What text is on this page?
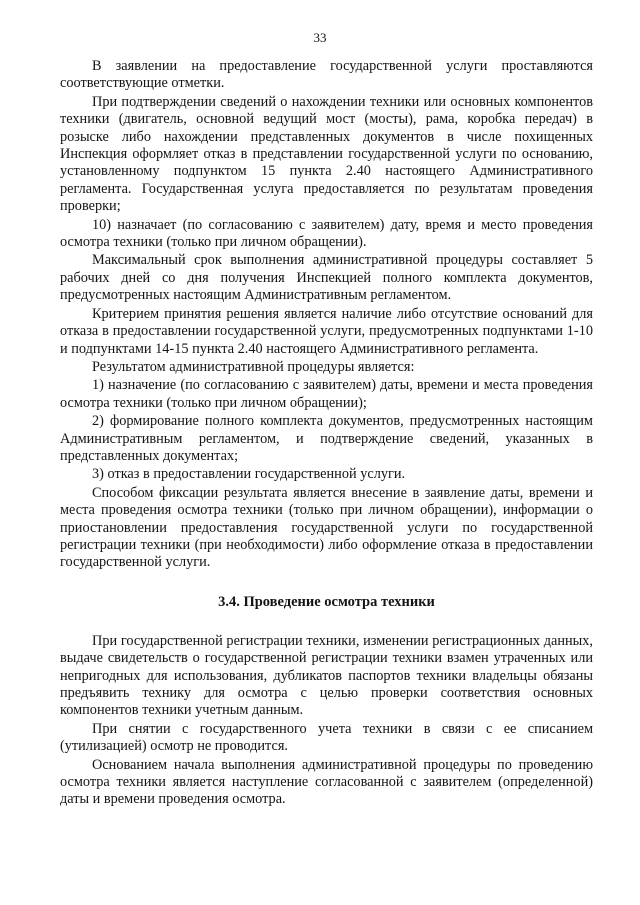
33

В заявлении на предоставление государственной услуги проставляются соответствующие отметки.

При подтверждении сведений о нахождении техники или основных компонентов техники (двигатель, основной ведущий мост (мосты), рама, коробка передач) в розыске либо нахождении представленных документов в числе похищенных Инспекция оформляет отказ в представлении государственной услуги по основанию, установленному подпунктом 15 пункта 2.40 настоящего Административного регламента. Государственная услуга предоставляется по результатам проведения проверки;

10) назначает (по согласованию с заявителем) дату, время и место проведения осмотра техники (только при личном обращении).

Максимальный срок выполнения административной процедуры составляет 5 рабочих дней со дня получения Инспекцией полного комплекта документов, предусмотренных настоящим Административным регламентом.

Критерием принятия решения является наличие либо отсутствие оснований для отказа в предоставлении государственной услуги, предусмотренных подпунктами 1-10 и подпунктами 14-15 пункта 2.40 настоящего Административного регламента.

Результатом административной процедуры является:

1) назначение (по согласованию с заявителем) даты, времени и места проведения осмотра техники (только при личном обращении);

2) формирование полного комплекта документов, предусмотренных настоящим Административным регламентом, и подтверждение сведений, указанных в представленных документах;

3) отказ в предоставлении государственной услуги.

Способом фиксации результата является внесение в заявление даты, времени и места проведения осмотра техники (только при личном обращении), информации о приостановлении предоставления государственной услуги по государственной регистрации техники (при необходимости) либо оформление отказа в предоставлении государственной услуги.

3.4. Проведение осмотра техники

При государственной регистрации техники, изменении регистрационных данных, выдаче свидетельств о государственной регистрации техники взамен утраченных или непригодных для использования, дубликатов паспортов техники владельцы обязаны предъявить технику для осмотра с целью проверки соответствия основных компонентов техники учетным данным.

При снятии с государственного учета техники в связи с ее списанием (утилизацией) осмотр не проводится.

Основанием начала выполнения административной процедуры по проведению осмотра техники является наступление согласованной с заявителем (определенной) даты и времени проведения осмотра.
